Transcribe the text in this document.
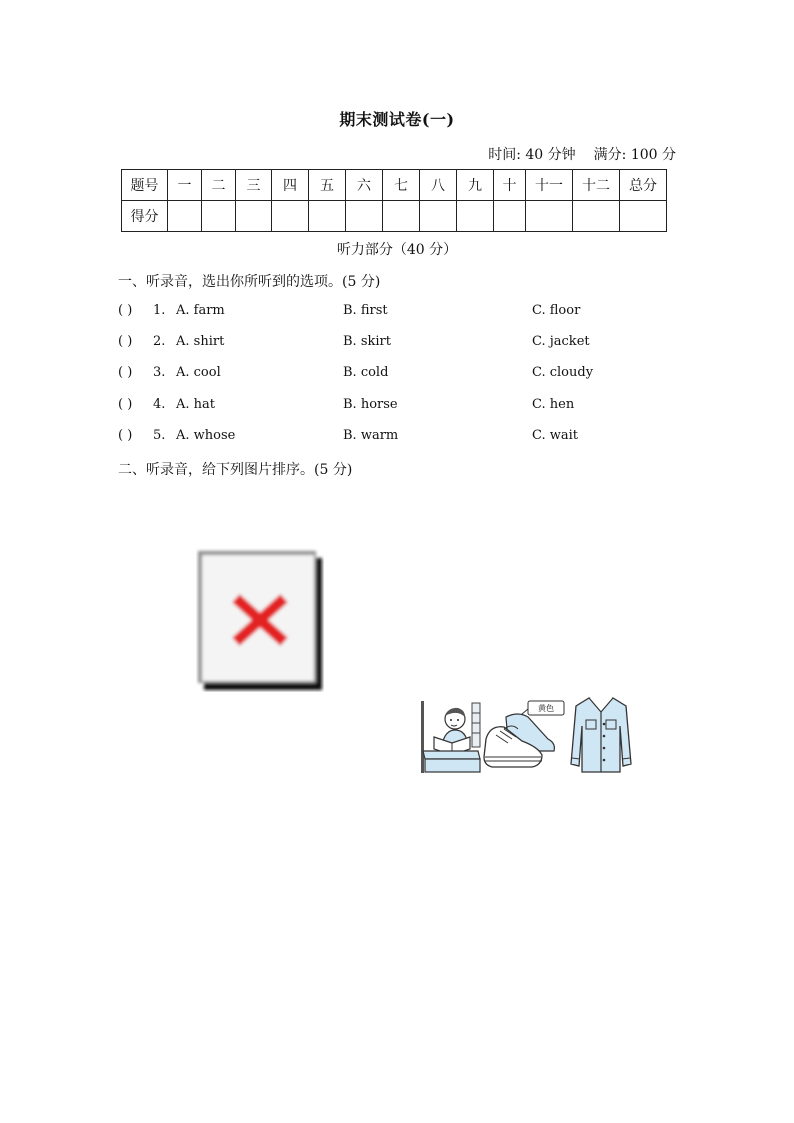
期末测试卷(一)
时间: 40 分钟 满分: 100 分
题号	一	二	三	四	五	六	七	八	九	十	十一	十二	总分
得分													
听力部分（40 分）
一、听录音，选出你所听到的选项。(5 分)
( ) 1. A. farm	B. first	C. floor
( ) 2. A. shirt	B. skirt	C. jacket
( ) 3. A. cool	B. cold	C. cloudy
( ) 4. A. hat	B. horse	C. hen
( ) 5. A. whose	B. warm	C. wait
二、听录音，给下列图片排序。(5 分)
黄色
